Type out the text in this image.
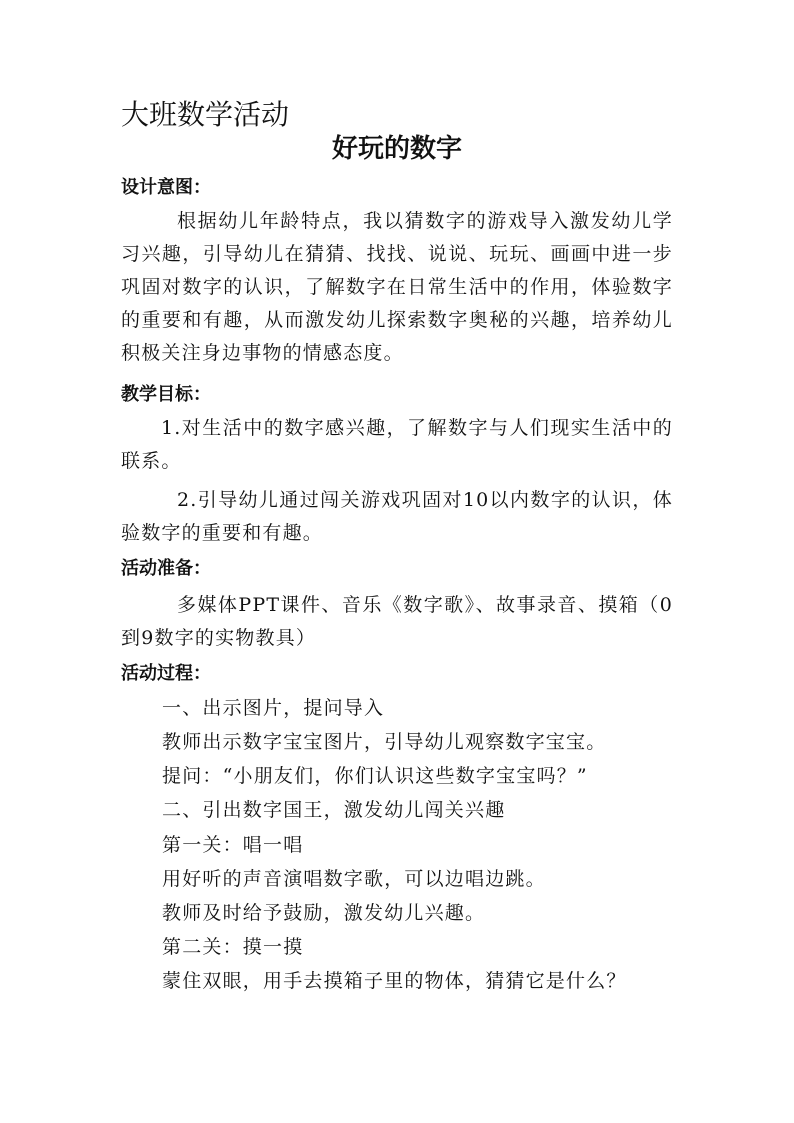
大班数学活动
好玩的数字
设计意图：
根据幼儿年龄特点，我以猜数字的游戏导入激发幼儿学习兴趣，引导幼儿在猜猜、找找、说说、玩玩、画画中进一步巩固对数字的认识，了解数字在日常生活中的作用，体验数字的重要和有趣，从而激发幼儿探索数字奥秘的兴趣，培养幼儿积极关注身边事物的情感态度。
教学目标：
1.对生活中的数字感兴趣，了解数字与人们现实生活中的联系。
2.引导幼儿通过闯关游戏巩固对10以内数字的认识，体验数字的重要和有趣。
活动准备：
多媒体PPT课件、音乐《数字歌》、故事录音、摸箱（0到9数字的实物教具）
活动过程：
一、出示图片，提问导入
教师出示数字宝宝图片，引导幼儿观察数字宝宝。
提问：“小朋友们，你们认识这些数字宝宝吗？”
二、引出数字国王，激发幼儿闯关兴趣
第一关：唱一唱
用好听的声音演唱数字歌，可以边唱边跳。
教师及时给予鼓励，激发幼儿兴趣。
第二关：摸一摸
蒙住双眼，用手去摸箱子里的物体，猜猜它是什么？
